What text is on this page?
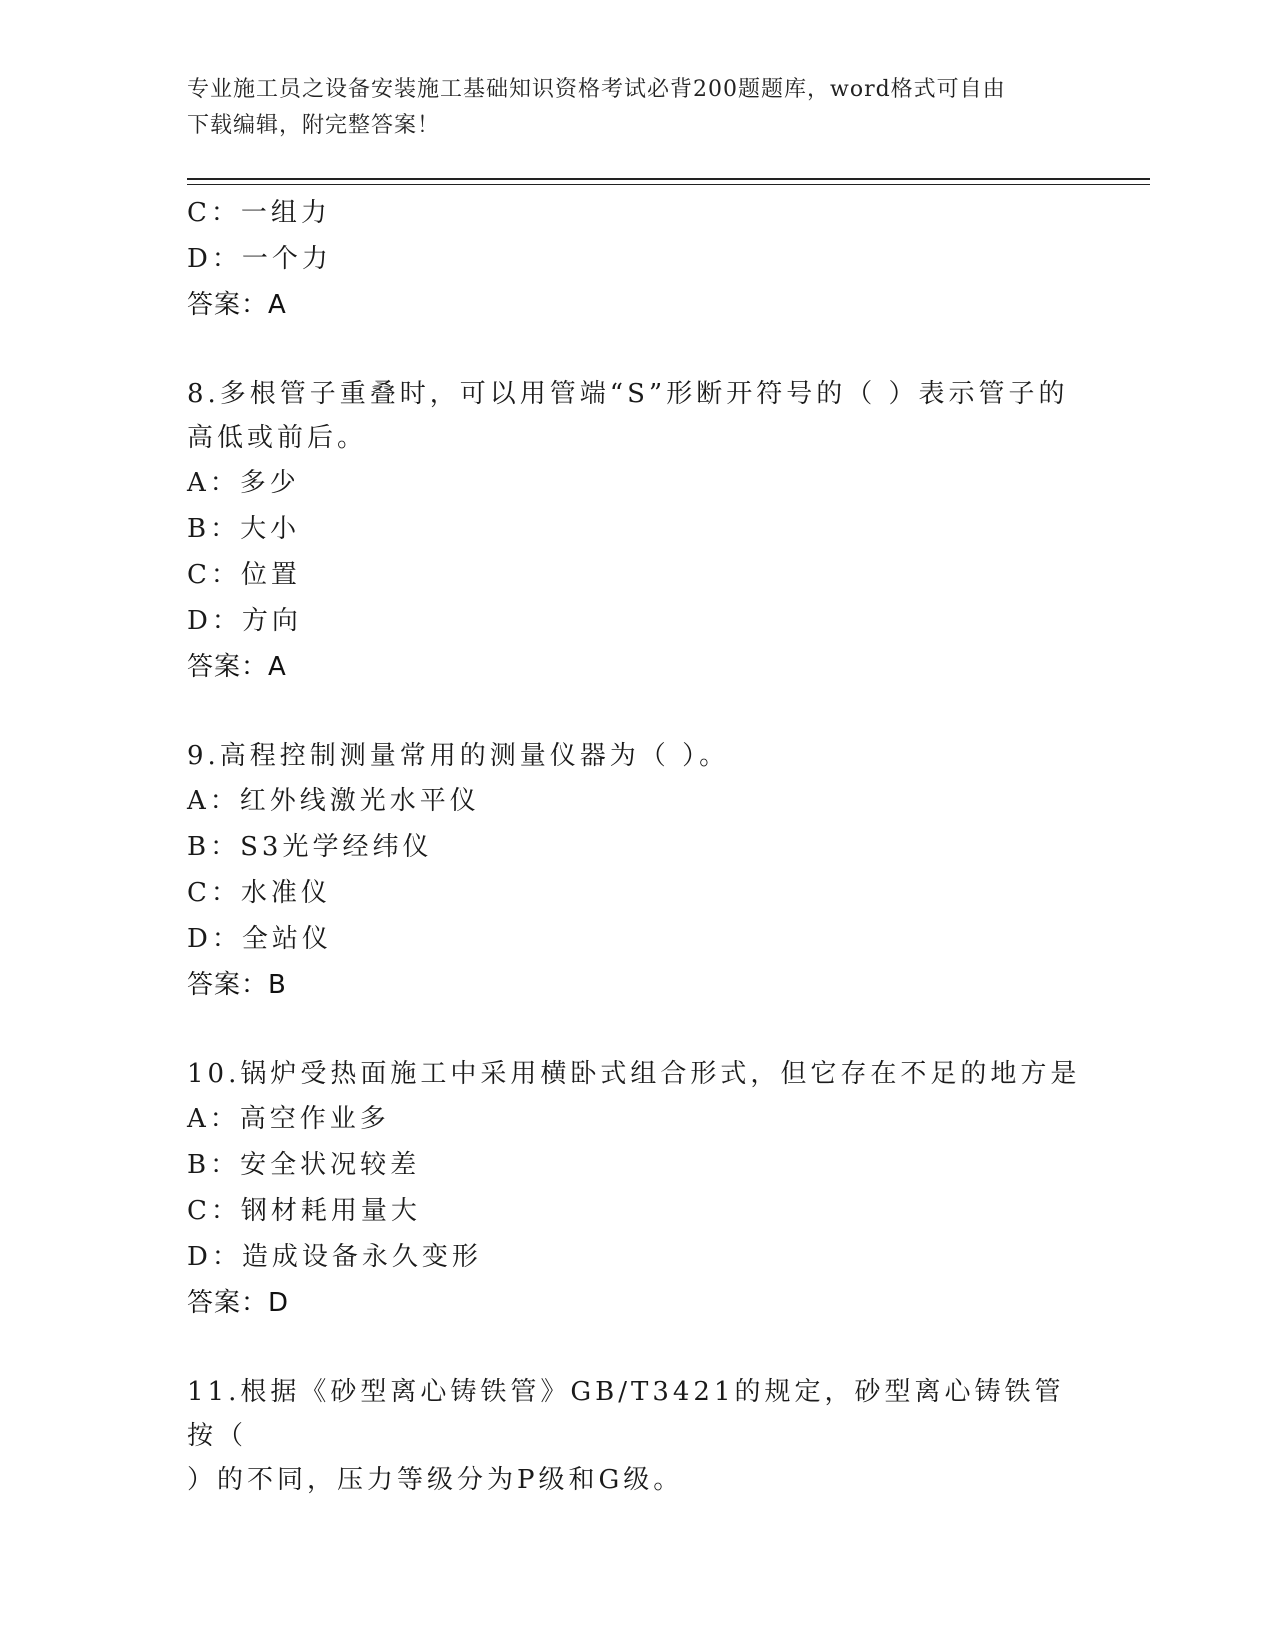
专业施工员之设备安装施工基础知识资格考试必背200题题库，word格式可自由
下载编辑，附完整答案！
C：一组力
D：一个力
答案：A
8.多根管子重叠时，可以用管端“S”形断开符号的（ ）表示管子的
高低或前后。
A：多少
B：大小
C：位置
D：方向
答案：A
9.高程控制测量常用的测量仪器为（ ）。
A：红外线激光水平仪
B：S3光学经纬仪
C：水准仪
D：全站仪
答案：B
10.锅炉受热面施工中采用横卧式组合形式，但它存在不足的地方是
A：高空作业多
B：安全状况较差
C：钢材耗用量大
D：造成设备永久变形
答案：D
11.根据《砂型离心铸铁管》GB/T3421的规定，砂型离心铸铁管按（
）的不同，压力等级分为P级和G级。
